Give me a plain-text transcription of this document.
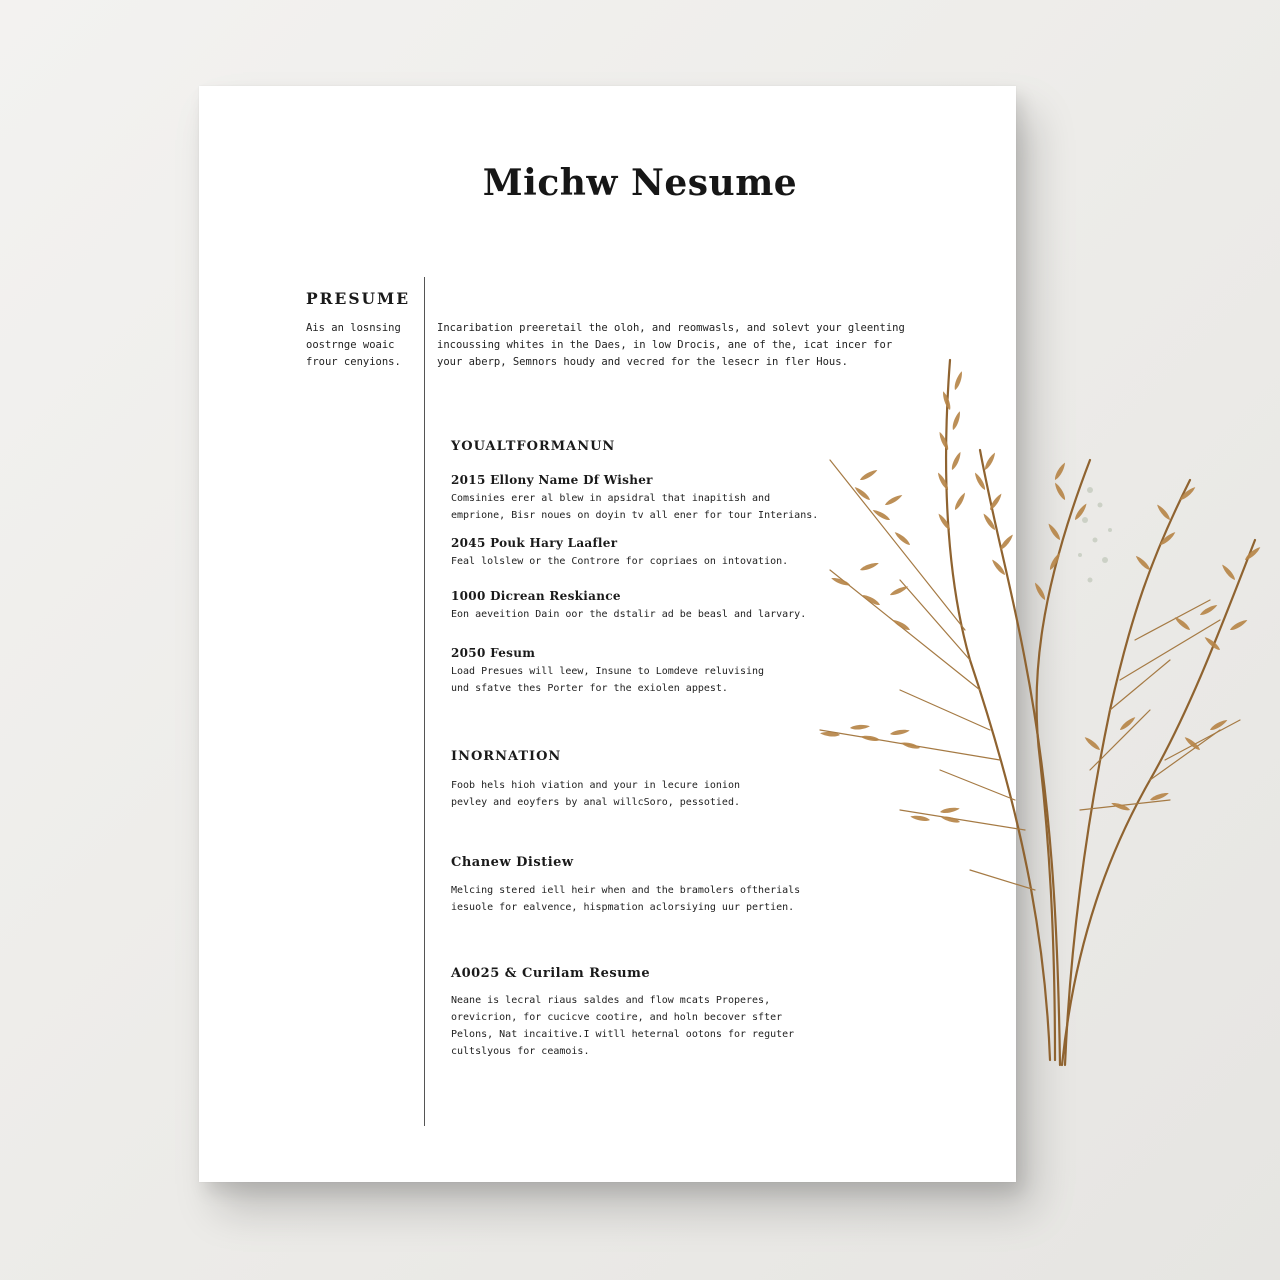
Michw Nesume
PRESUME
Ais an losnsing
oostrnge woaic
frour cenyions.
Incaribation preeretail the oloh, and reomwasls, and solevt your gleenting
incoussing whites in the Daes, in low Drocis, ane of the, icat incer for
your aberp, Semnors houdy and vecred for the lesecr in fler Hous.
YOUALTFORMANUN

2015 Ellony Name Df Wisher

Comsinies erer al blew in apsidral that inapitish and

emprione, Bisr noues on doyin tv all ener for tour Interians.

2045 Pouk Hary Laafler

Feal lolslew or the Controre for copriaes on intovation.

1000 Dicrean Reskiance

Eon aeveition Dain oor the dstalir ad be beasl and larvary.

2050 Fesum

Load Presues will leew, Insune to Lomdeve reluvising

und sfatve thes Porter for the exiolen appest.

INORNATION
Foob hels hioh viation and your in lecure ionion
pevley and eoyfers by anal willcSoro, pessotied.
Chanew Distiew
Melcing stered iell heir when and the bramolers oftherials
iesuole for ealvence, hispmation aclorsiying uur pertien.
A0025 & Curilam Resume
Neane is lecral riaus saldes and flow mcats Properes,
orevicrion, for cucicve cootire, and holn becover sfter
Pelons, Nat incaitive.I witll heternal ootons for reguter
cultslyous for ceamois.
